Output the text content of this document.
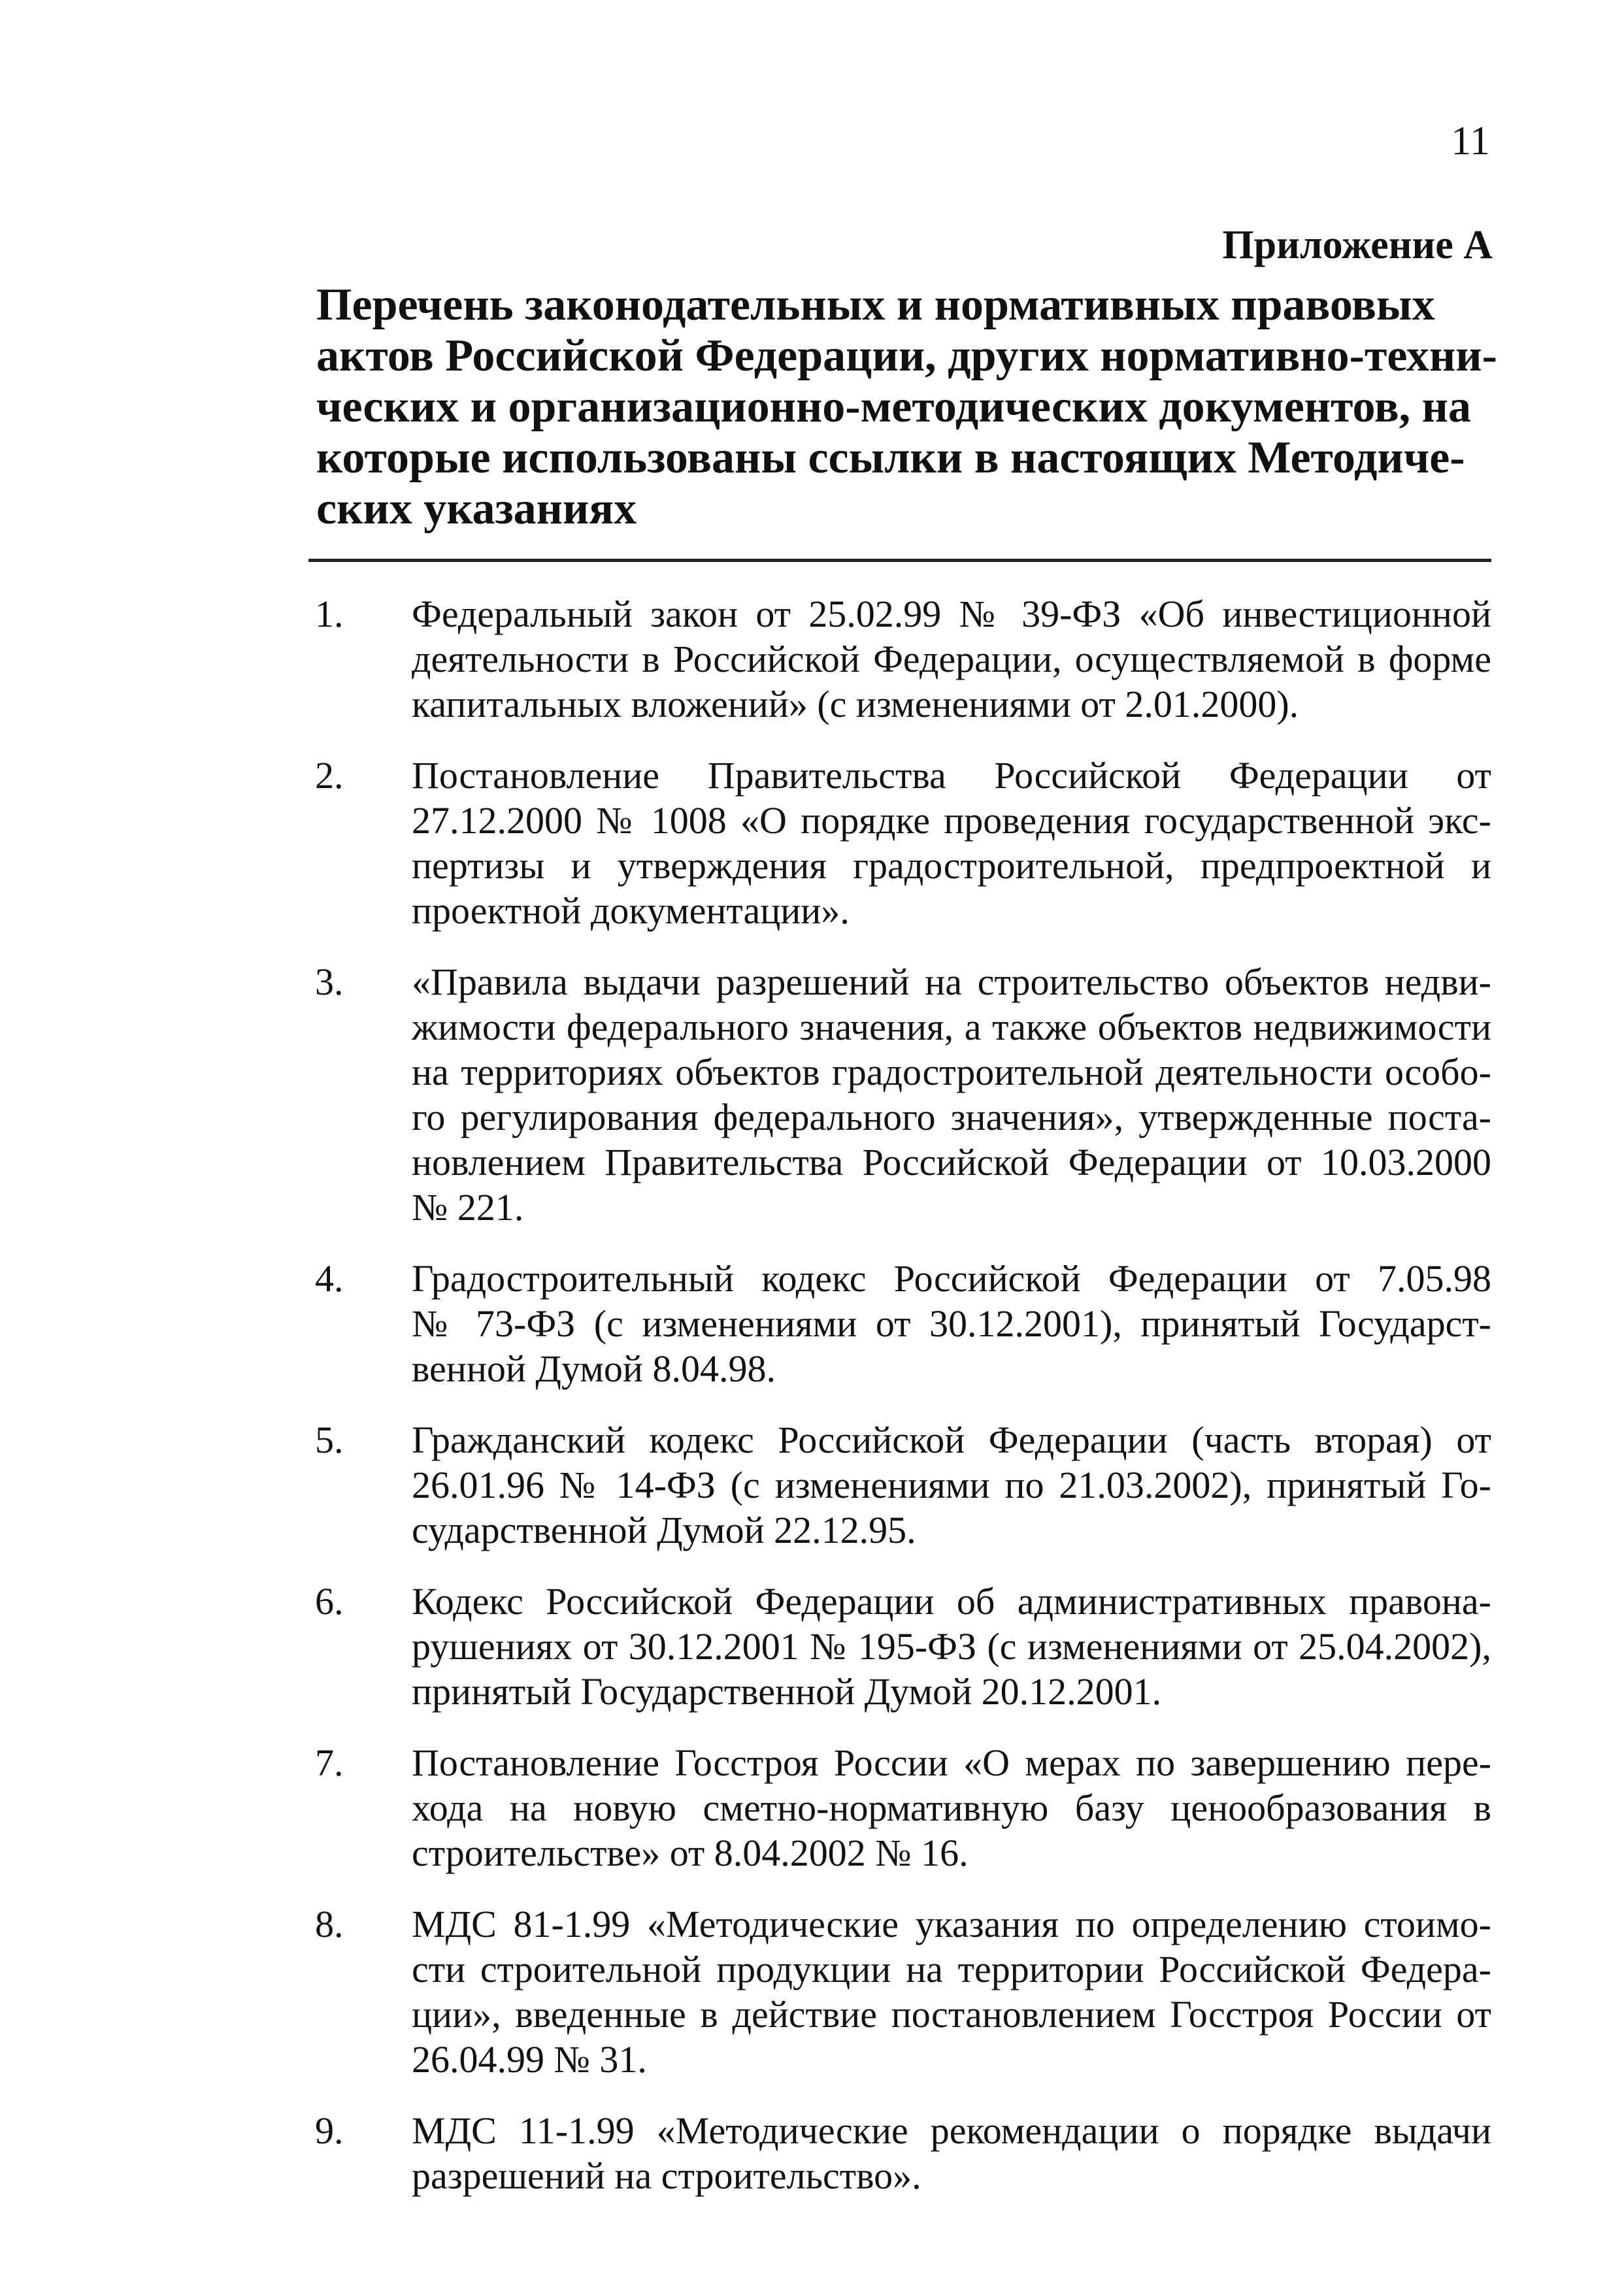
11
Приложение А
Перечень законодательных и нормативных правовых
актов Российской Федерации, других нормативно-техни-
ческих и организационно-методических документов, на
которые использованы ссылки в настоящих Методиче-
ских указаниях
1.	Федеральный закон от 25.02.99 № 39-ФЗ «Об инвестиционной
деятельности в Российской Федерации, осуществляемой в форме
капитальных вложений» (с изменениями от 2.01.2000).
2.	Постановление Правительства Российской Федерации от
27.12.2000 № 1008 «О порядке проведения государственной экс-
пертизы и утверждения градостроительной, предпроектной и
проектной документации».
3.	«Правила выдачи разрешений на строительство объектов недви-
жимости федерального значения, а также объектов недвижимости
на территориях объектов градостроительной деятельности особо-
го регулирования федерального значения», утвержденные поста-
новлением Правительства Российской Федерации от 10.03.2000
№ 221.
4.	Градостроительный кодекс Российской Федерации от 7.05.98
№ 73-ФЗ (с изменениями от 30.12.2001), принятый Государст-
венной Думой 8.04.98.
5.	Гражданский кодекс Российской Федерации (часть вторая) от
26.01.96 № 14-ФЗ (с изменениями по 21.03.2002), принятый Го-
сударственной Думой 22.12.95.
6.	Кодекс Российской Федерации об административных правона-
рушениях от 30.12.2001 № 195-ФЗ (с изменениями от 25.04.2002),
принятый Государственной Думой 20.12.2001.
7.	Постановление Госстроя России «О мерах по завершению пере-
хода на новую сметно-нормативную базу ценообразования в
строительстве» от 8.04.2002 № 16.
8.	МДС 81-1.99 «Методические указания по определению стоимо-
сти строительной продукции на территории Российской Федера-
ции», введенные в действие постановлением Госстроя России от
26.04.99 № 31.
9.	МДС 11-1.99 «Методические рекомендации о порядке выдачи
разрешений на строительство».
